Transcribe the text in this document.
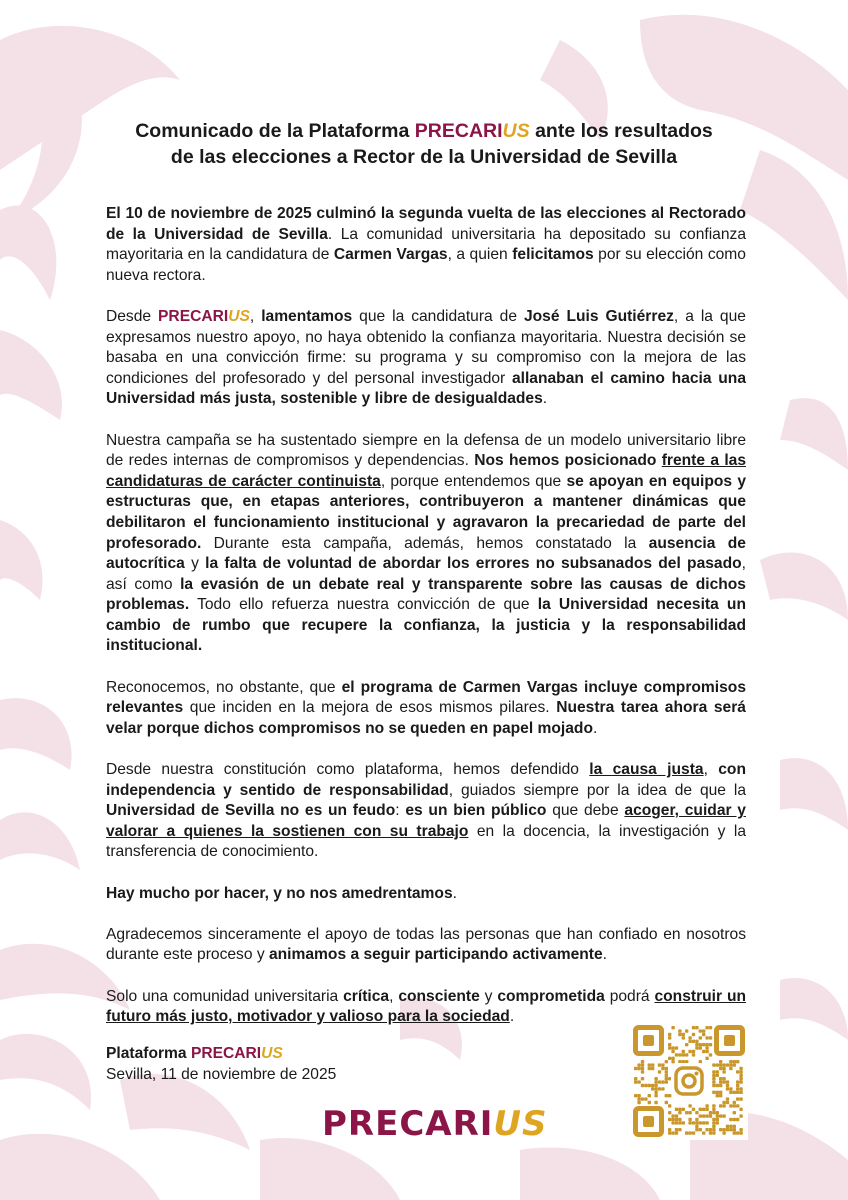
Comunicado de la Plataforma PRECARIUS ante los resultados
de las elecciones a Rector de la Universidad de Sevilla

El 10 de noviembre de 2025 culminó la segunda vuelta de las elecciones al Rectorado de la Universidad de Sevilla. La comunidad universitaria ha depositado su confianza mayoritaria en la candidatura de Carmen Vargas, a quien felicitamos por su elección como nueva rectora.

Desde PRECARIUS, lamentamos que la candidatura de José Luis Gutiérrez, a la que expresamos nuestro apoyo, no haya obtenido la confianza mayoritaria. Nuestra decisión se basaba en una convicción firme: su programa y su compromiso con la mejora de las condiciones del profesorado y del personal investigador allanaban el camino hacia una Universidad más justa, sostenible y libre de desigualdades.

Nuestra campaña se ha sustentado siempre en la defensa de un modelo universitario libre de redes internas de compromisos y dependencias. Nos hemos posicionado frente a las candidaturas de carácter continuista, porque entendemos que se apoyan en equipos y estructuras que, en etapas anteriores, contribuyeron a mantener dinámicas que debilitaron el funcionamiento institucional y agravaron la precariedad de parte del profesorado. Durante esta campaña, además, hemos constatado la ausencia de autocrítica y la falta de voluntad de abordar los errores no subsanados del pasado, así como la evasión de un debate real y transparente sobre las causas de dichos problemas. Todo ello refuerza nuestra convicción de que la Universidad necesita un cambio de rumbo que recupere la confianza, la justicia y la responsabilidad institucional.

Reconocemos, no obstante, que el programa de Carmen Vargas incluye compromisos relevantes que inciden en la mejora de esos mismos pilares. Nuestra tarea ahora será velar porque dichos compromisos no se queden en papel mojado.

Desde nuestra constitución como plataforma, hemos defendido la causa justa, con independencia y sentido de responsabilidad, guiados siempre por la idea de que la Universidad de Sevilla no es un feudo: es un bien público que debe acoger, cuidar y valorar a quienes la sostienen con su trabajo en la docencia, la investigación y la transferencia de conocimiento.

Hay mucho por hacer, y no nos amedrentamos.

Agradecemos sinceramente el apoyo de todas las personas que han confiado en nosotros durante este proceso y animamos a seguir participando activamente.

Solo una comunidad universitaria crítica, consciente y comprometida podrá construir un futuro más justo, motivador y valioso para la sociedad.

Plataforma PRECARIUS
Sevilla, 11 de noviembre de 2025
PRECARIUS
